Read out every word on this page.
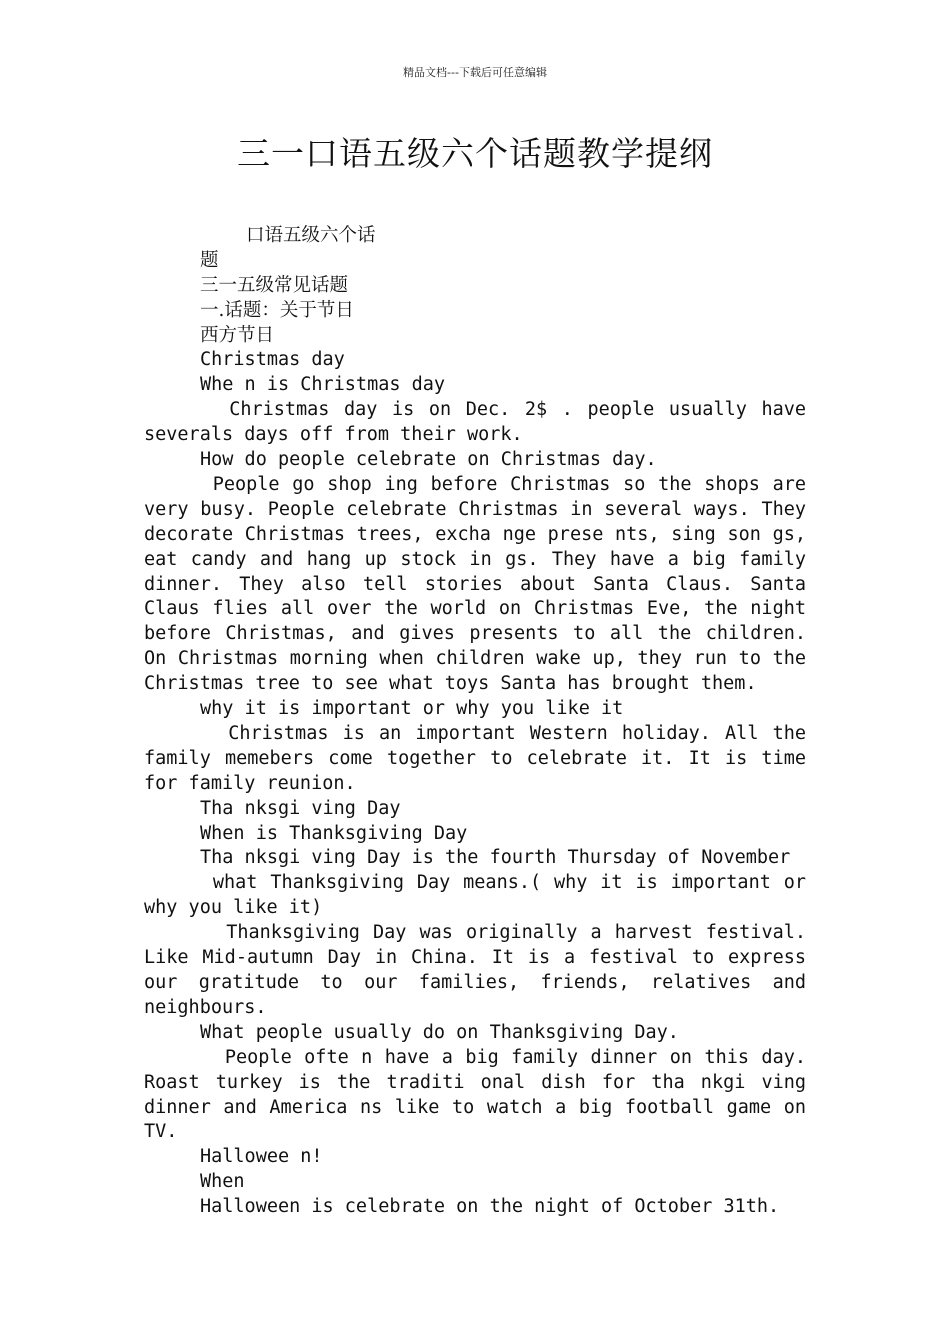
精品文档---下载后可任意编辑
三一口语五级六个话题教学提纲
口语五级六个话
题
三一五级常见话题
一.话题：关于节日
西方节日
Christmas day
Whe n is Christmas day
Christmas day is on Dec. 2$ . people usually have severals days off from their work.
How do people celebrate on Christmas day.
People go shop ing before Christmas so the shops are very busy. People celebrate Christmas in several ways. They decorate Christmas trees, excha nge prese nts, sing son gs, eat candy and hang up stock in gs. They have a big family dinner. They also tell stories about Santa Claus. Santa Claus flies all over the world on Christmas Eve, the night before Christmas, and gives presents to all the children. On Christmas morning when children wake up, they run to the Christmas tree to see what toys Santa has brought them.
why it is important or why you like it
Christmas is an important Western holiday. All the family memebers come together to celebrate it. It is time for family reunion.
Tha nksgi ving Day
When is Thanksgiving Day
Tha nksgi ving Day is the fourth Thursday of November
what Thanksgiving Day means.( why it is important or why you like it)
Thanksgiving Day was originally a harvest festival. Like Mid-autumn Day in China. It is a festival to express our gratitude to our families, friends, relatives and neighbours.
What people usually do on Thanksgiving Day.
People ofte n have a big family dinner on this day. Roast turkey is the traditi onal dish for tha nkgi ving dinner and America ns like to watch a big football game on TV.
Hallowee n!
When
Halloween is celebrate on the night of October 31th.
